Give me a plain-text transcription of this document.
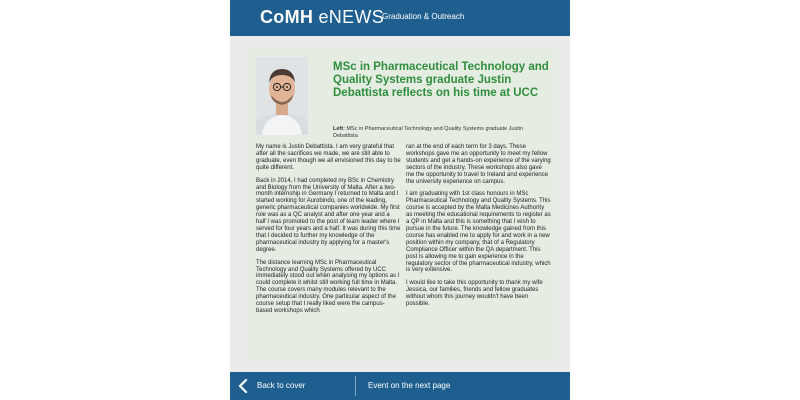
CoMH eNEWS
Graduation & Outreach
MSc in Pharmaceutical Technology and Quality Systems graduate Justin Debattista reflects on his time at UCC
Left: MSc in Pharmaceutical Technology and Quality Systems graduate Justin Debattista

My name is Justin Debattista. I am very grateful that after all the sacrifices we made, we are still able to graduate, even though we all envisioned this day to be quite different.

Back in 2014, I had completed my BSc in Chemistry and Biology from the University of Malta. After a two-month internship in Germany I returned to Malta and I started working for Aurobindo, one of the leading, generic pharmaceutical companies worldwide. My first role was as a QC analyst and after one year and a half I was promoted to the post of team leader where I served for four years and a half. It was during this time that I decided to further my knowledge of the pharmaceutical industry by applying for a master's degree.

The distance learning MSc in Pharmaceutical Technology and Quality Systems offered by UCC immediately stood out when analysing my options as I could complete it whilst still working full time in Malta. The course covers many modules relevant to the pharmaceutical industry. One particular aspect of the course setup that I really liked were the campus-based workshops which

ran at the end of each term for 3 days. These workshops gave me an opportunity to meet my fellow students and get a hands-on experience of the varying sectors of the industry. These workshops also gave me the opportunity to travel to Ireland and experience the university experience on campus.

I am graduating with 1st class honours in MSc Pharmaceutical Technology and Quality Systems. This course is accepted by the Malta Medicines Authority as meeting the educational requirements to register as a QP in Malta and this is something that I wish to pursue in the future. The knowledge gained from this course has enabled me to apply for and work in a new position within my company, that of a Regulatory Compliance Officer within the QA department. This post is allowing me to gain experience in the regulatory sector of the pharmaceutical industry, which is very extensive.

I would like to take this opportunity to thank my wife Jessica, our families, friends and fellow graduates without whom this journey wouldn't have been possible.

Back to cover	Event on the next page
